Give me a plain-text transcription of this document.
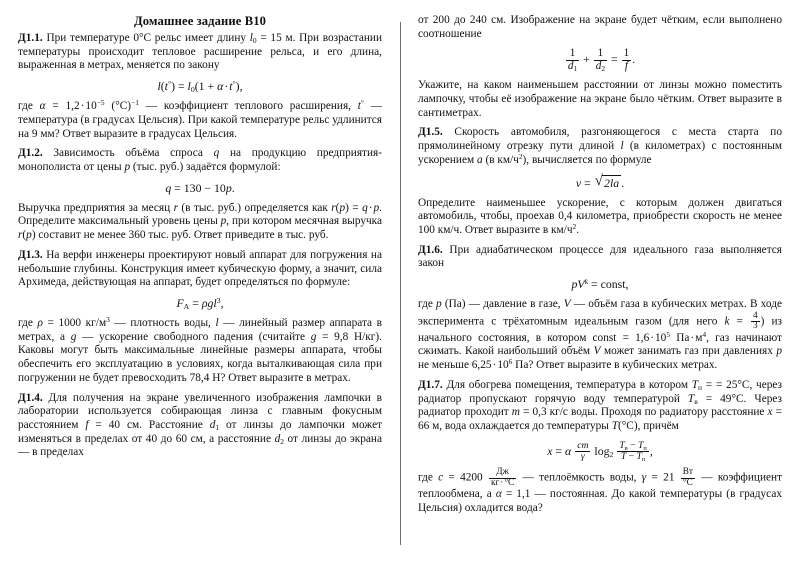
Домашнее задание B10

Д1.1. При температуре 0°C рельс имеет длину $l_0 = 15$ м. При возрастании температуры происходит тепловое расширение рельса, и его длина, выраженная в метрах, меняется по закону

$l(t^\circ) = l_0(1 + \alpha\cdot t^\circ)$,

где $\alpha = 1,2\cdot 10^{-5}$ $(^\circ C)^{-1}$ — коэффициент теплового расширения, t° — температура (в градусах Цельсия). При какой температуре рельс удлинится на 9 мм? Ответ выразите в градусах Цельсия.

Д1.2. Зависимость объёма спроса q на продукцию предприятия-монополиста от цены p (тыс. руб.) задаётся формулой:

q = 130 − 10p.

Выручка предприятия за месяц r (в тыс. руб.) определяется как r(p) = q·p. Определите максимальный уровень цены p, при котором месячная выручка r(p) составит не менее 360 тыс. руб. Ответ приведите в тыс. руб.

Д1.3. На верфи инженеры проектируют новый аппарат для погружения на небольшие глубины. Конструкция имеет кубическую форму, а значит, сила Архимеда, действующая на аппарат, будет определяться по формуле:

$F_A = \rho gl^3$,

где ρ = 1000 $кг/м^3$ — плотность воды, l — линейный размер аппарата в метрах, а g — ускорение свободного падения (считайте g = 9,8 Н/кг). Каковы могут быть максимальные линейные размеры аппарата, чтобы обеспечить его эксплуатацию в условиях, когда выталкивающая сила при погружении не будет превосходить 78,4 Н? Ответ выразите в метрах.

Д1.4. Для получения на экране увеличенного изображения лампочки в лаборатории используется собирающая линза с главным фокусным расстоянием f = 40 см. Расстояние $d_1$ от линзы до лампочки может изменяться в пределах от 40 до 60 см, а расстояние $d_2$ от линзы до экрана — в пределах

от 200 до 240 см. Изображение на экране будет чётким, если выполнено соотношение

$\frac{1}{d_1} + \frac{1}{d_2} = \frac{1}{f}$ .

Укажите, на каком наименьшем расстоянии от линзы можно поместить лампочку, чтобы её изображение на экране было чётким. Ответ выразите в сантиметрах.

Д1.5. Скорость автомобиля, разгоняющегося с места старта по прямолинейному отрезку пути длиной l (в километрах) с постоянным ускорением a (в $км/ч^2$), вычисляется по формуле

v = √ 2la .

Определите наименьшее ускорение, с которым должен двигаться автомобиль, чтобы, проехав 0,4 километра, приобрести скорость не менее 100 км/ч. Ответ выразите в $км/ч^2$.

Д1.6. При адиабатическом процессе для идеального газа выполняется закон

$pV^k$ = const,

где p (Па) — давление в газе, V — объём газа в кубических метрах. В ходе эксперимента с трёхатомным идеальным газом (для него $k = \frac{4}{3}$ ) из начального состояния, в котором const = $1,6\cdot 10^5$ $Па\cdot м^4$, газ начинают сжимать. Какой наибольший объём V может занимать газ при давлениях p не меньше $6,25\cdot 10^6$ Па? Ответ выразите в кубических метрах.

Д1.7. Для обогрева помещения, температура в котором $T_п$ = = 25°C, через радиатор пропускают горячую воду температурой $T_в = 49^\circ C$. Через радиатор проходит m = 0,3 кг/с воды. Проходя по радиатору расстояние x = 66 м, вода охлаждается до температуры T(°C), причём

x = α $\frac{cm}{\gamma} \log_2 \frac{T_в - T_п}{T - T_п}$ ,

где $c = 4200 \frac{Дж}{кг\cdot^\circ C}$ — теплоёмкость воды, $\gamma = 21 \frac{Вт}{^\circ C}$ — коэффициент теплообмена, а α = 1,1 — постоянная. До какой температуры (в градусах Цельсия) охладится вода?
